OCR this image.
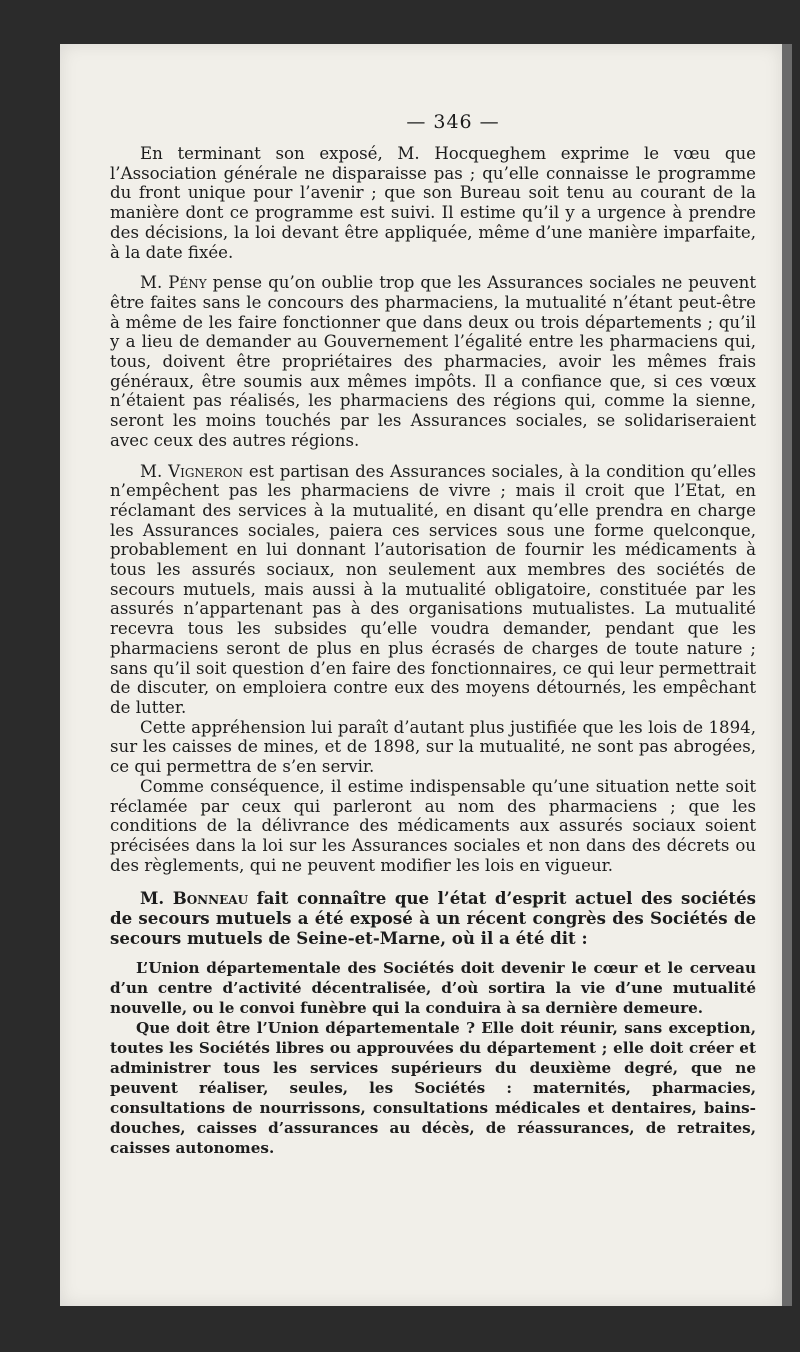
— 346 —

En terminant son exposé, M. Hocqueghem exprime le vœu que l’Association générale ne disparaisse pas ; qu’elle connaisse le programme du front unique pour l’avenir ; que son Bureau soit tenu au courant de la manière dont ce programme est suivi. Il estime qu’il y a urgence à prendre des décisions, la loi devant être appliquée, même d’une manière imparfaite, à la date fixée.

M. Pény pense qu’on oublie trop que les Assurances sociales ne peuvent être faites sans le concours des pharmaciens, la mutualité n’étant peut-être à même de les faire fonctionner que dans deux ou trois départements ; qu’il y a lieu de demander au Gouvernement l’égalité entre les pharmaciens qui, tous, doivent être propriétaires des pharmacies, avoir les mêmes frais généraux, être soumis aux mêmes impôts. Il a confiance que, si ces vœux n’étaient pas réalisés, les pharmaciens des régions qui, comme la sienne, seront les moins touchés par les Assurances sociales, se solidariseraient avec ceux des autres régions.

M. Vigneron est partisan des Assurances sociales, à la condition qu’elles n’empêchent pas les pharmaciens de vivre ; mais il croit que l’Etat, en réclamant des services à la mutualité, en disant qu’elle prendra en charge les Assurances sociales, paiera ces services sous une forme quelconque, probablement en lui donnant l’autorisation de fournir les médicaments à tous les assurés sociaux, non seulement aux membres des sociétés de secours mutuels, mais aussi à la mutualité obligatoire, constituée par les assurés n’appartenant pas à des organisations mutualistes. La mutualité recevra tous les subsides qu’elle voudra demander, pendant que les pharmaciens seront de plus en plus écrasés de charges de toute nature ; sans qu’il soit question d’en faire des fonctionnaires, ce qui leur permettrait de discuter, on emploiera contre eux des moyens détournés, les empêchant de lutter.

Cette appréhension lui paraît d’autant plus justifiée que les lois de 1894, sur les caisses de mines, et de 1898, sur la mutualité, ne sont pas abrogées, ce qui permettra de s’en servir.

Comme conséquence, il estime indispensable qu’une situation nette soit réclamée par ceux qui parleront au nom des pharmaciens ; que les conditions de la délivrance des médicaments aux assurés sociaux soient précisées dans la loi sur les Assurances sociales et non dans des décrets ou des règlements, qui ne peuvent modifier les lois en vigueur.

M. Bonneau fait connaître que l’état d’esprit actuel des sociétés de secours mutuels a été exposé à un récent congrès des Sociétés de secours mutuels de Seine-et-Marne, où il a été dit :

L’Union départementale des Sociétés doit devenir le cœur et le cerveau d’un centre d’activité décentralisée, d’où sortira la vie d’une mutualité nouvelle, ou le convoi funèbre qui la conduira à sa dernière demeure.

Que doit être l’Union départementale ? Elle doit réunir, sans exception, toutes les Sociétés libres ou approuvées du département ; elle doit créer et administrer tous les services supérieurs du deuxième degré, que ne peuvent réaliser, seules, les Sociétés : maternités, pharmacies, consultations de nourrissons, consultations médicales et dentaires, bains-douches, caisses d’assurances au décès, de réassurances, de retraites, caisses autonomes.
